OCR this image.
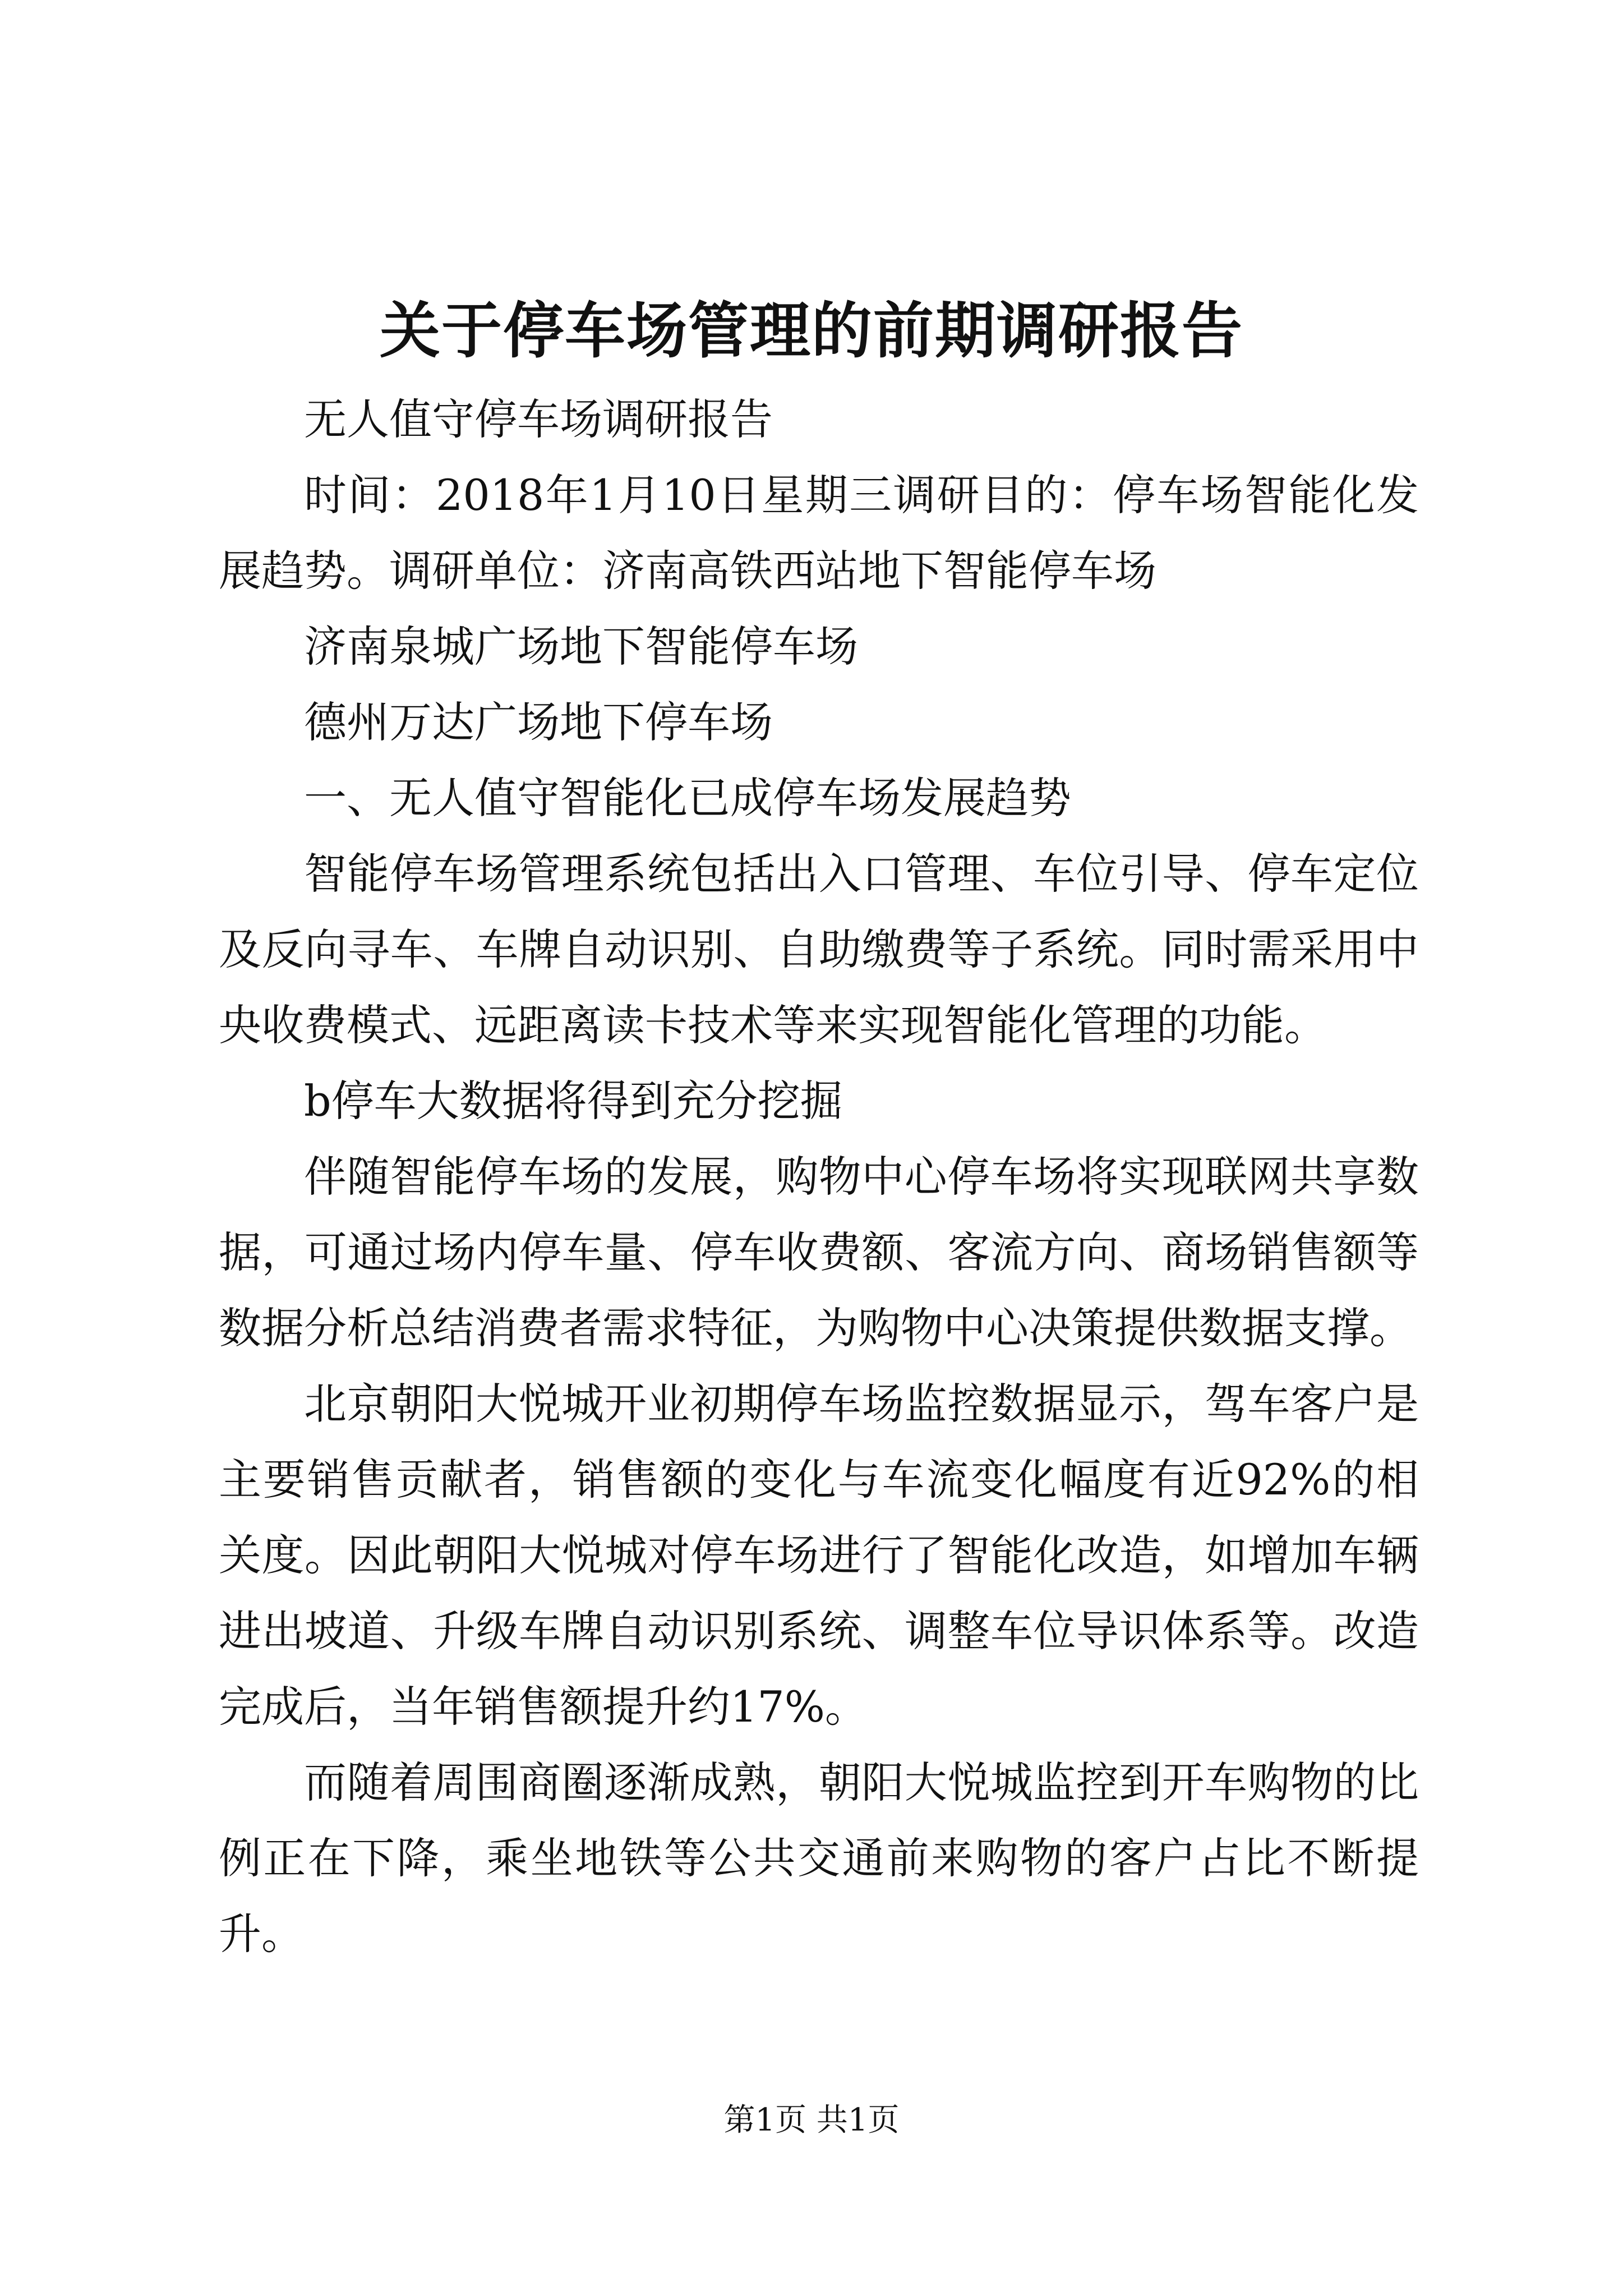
关于停车场管理的前期调研报告

无人值守停车场调研报告

时间：2018年1月10日星期三调研目的：停车场智能化发展趋势。调研单位：济南高铁西站地下智能停车场

济南泉城广场地下智能停车场

德州万达广场地下停车场

一、无人值守智能化已成停车场发展趋势

智能停车场管理系统包括出入口管理、车位引导、停车定位及反向寻车、车牌自动识别、自助缴费等子系统。同时需采用中央收费模式、远距离读卡技术等来实现智能化管理的功能。

b停车大数据将得到充分挖掘

伴随智能停车场的发展，购物中心停车场将实现联网共享数据，可通过场内停车量、停车收费额、客流方向、商场销售额等数据分析总结消费者需求特征，为购物中心决策提供数据支撑。

北京朝阳大悦城开业初期停车场监控数据显示，驾车客户是主要销售贡献者，销售额的变化与车流变化幅度有近92%的相关度。因此朝阳大悦城对停车场进行了智能化改造，如增加车辆进出坡道、升级车牌自动识别系统、调整车位导识体系等。改造完成后，当年销售额提升约17%。

而随着周围商圈逐渐成熟，朝阳大悦城监控到开车购物的比例正在下降，乘坐地铁等公共交通前来购物的客户占比不断提升。

第1页 共1页
